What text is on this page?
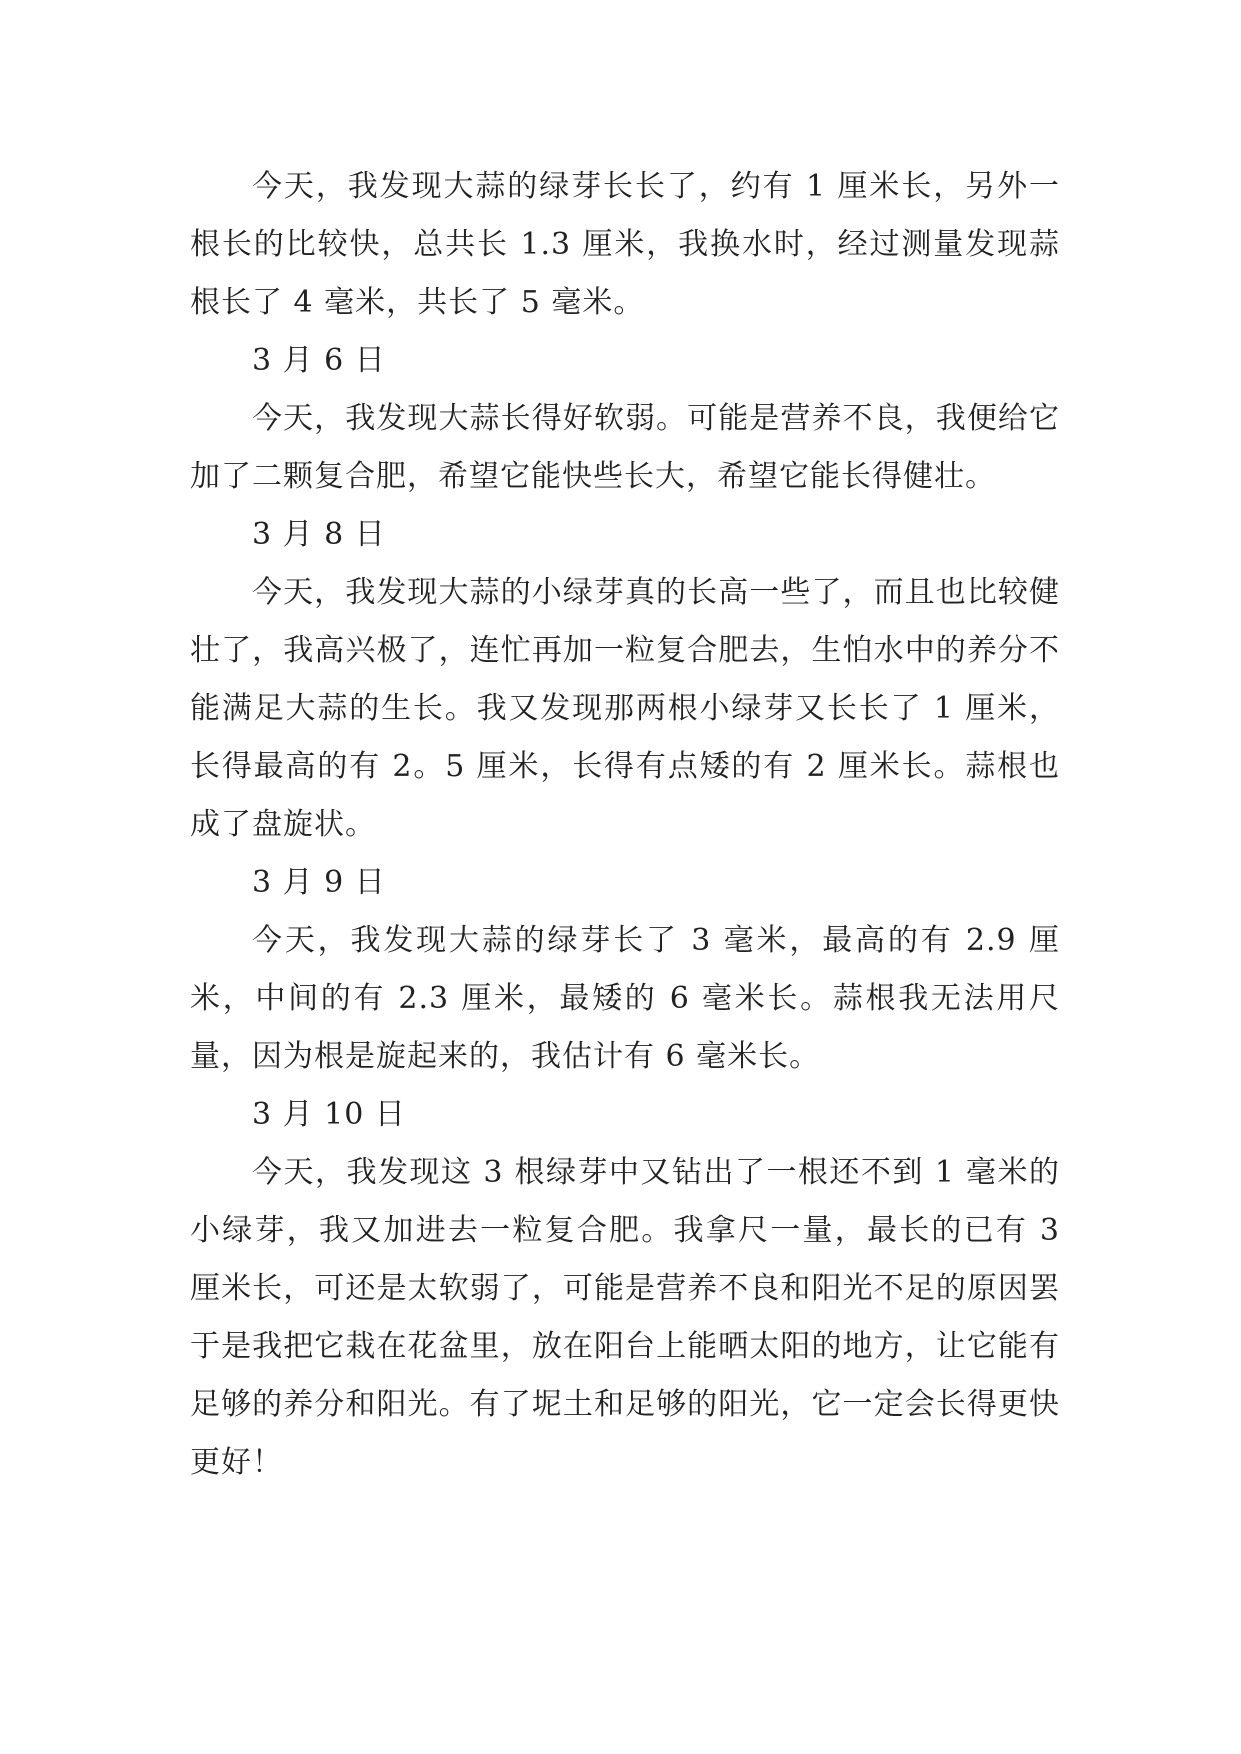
今天，我发现大蒜的绿芽长长了，约有 1 厘米长，另外一根长的比较快，总共长 1.3 厘米，我换水时，经过测量发现蒜根长了 4 毫米，共长了 5 毫米。

3 月 6 日

今天，我发现大蒜长得好软弱。可能是营养不良，我便给它加了二颗复合肥，希望它能快些长大，希望它能长得健壮。

3 月 8 日

今天，我发现大蒜的小绿芽真的长高一些了，而且也比较健壮了，我高兴极了，连忙再加一粒复合肥去，生怕水中的养分不能满足大蒜的生长。我又发现那两根小绿芽又长长了 1 厘米，长得最高的有 2。5 厘米，长得有点矮的有 2 厘米长。蒜根也成了盘旋状。

3 月 9 日

今天，我发现大蒜的绿芽长了 3 毫米，最高的有 2.9 厘米，中间的有 2.3 厘米，最矮的 6 毫米长。蒜根我无法用尺量，因为根是旋起来的，我估计有 6 毫米长。

3 月 10 日

今天，我发现这 3 根绿芽中又钻出了一根还不到 1 毫米的小绿芽，我又加进去一粒复合肥。我拿尺一量，最长的已有 3 厘米长，可还是太软弱了，可能是营养不良和阳光不足的原因罢于是我把它栽在花盆里，放在阳台上能晒太阳的地方，让它能有足够的养分和阳光。有了坭土和足够的阳光，它一定会长得更快更好！
